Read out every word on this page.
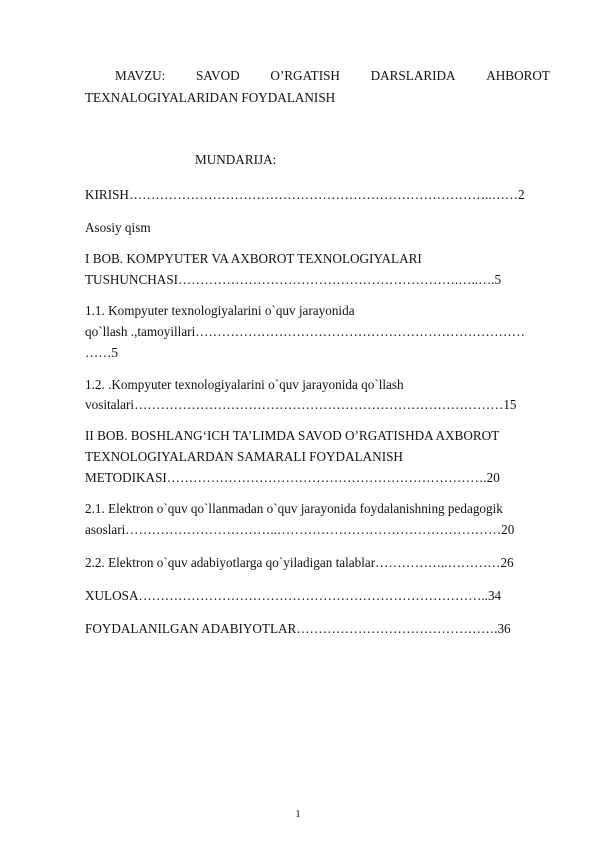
MAVZU: SAVOD O’RGATISH DARSLARIDA AHBOROT
TEXNALOGIYALARIDAN FOYDALANISH
MUNDARIJA:
KIRISH………………………………………………………………………..……2
Asosiy qism
I BOB. KOMPYUTER VA AXBOROT TEXNOLOGIYALARI
TUSHUNCHASI……………………………………………………….…..….5
1.1. Kompyuter texnologiyalarini o`quv jarayonida
qo`llash .,tamoyillari…………………………………………………………………
……5
1.2. .Kompyuter texnologiyalarini o`quv jarayonida qo`llash
vositalari…………………………………………………………………………15
II BOB. BOSHLANG‘ICH TA’LIMDA SAVOD O’RGATISHDA AXBOROT
TEXNOLOGIYALARDAN SAMARALI FOYDALANISH
METODIKASI……………………………………………………………….20
2.1. Elektron o`quv qo`llanmadan o`quv jarayonida foydalanishning pedagogik
asoslari……………………………..……………………………………………20
2.2. Elektron o`quv adabiyotlarga qo`yiladigan talablar……………..…………26
XULOSA……………………………………………………………………..34
FOYDALANILGAN ADABIYOTLAR……………………………………….36
1
